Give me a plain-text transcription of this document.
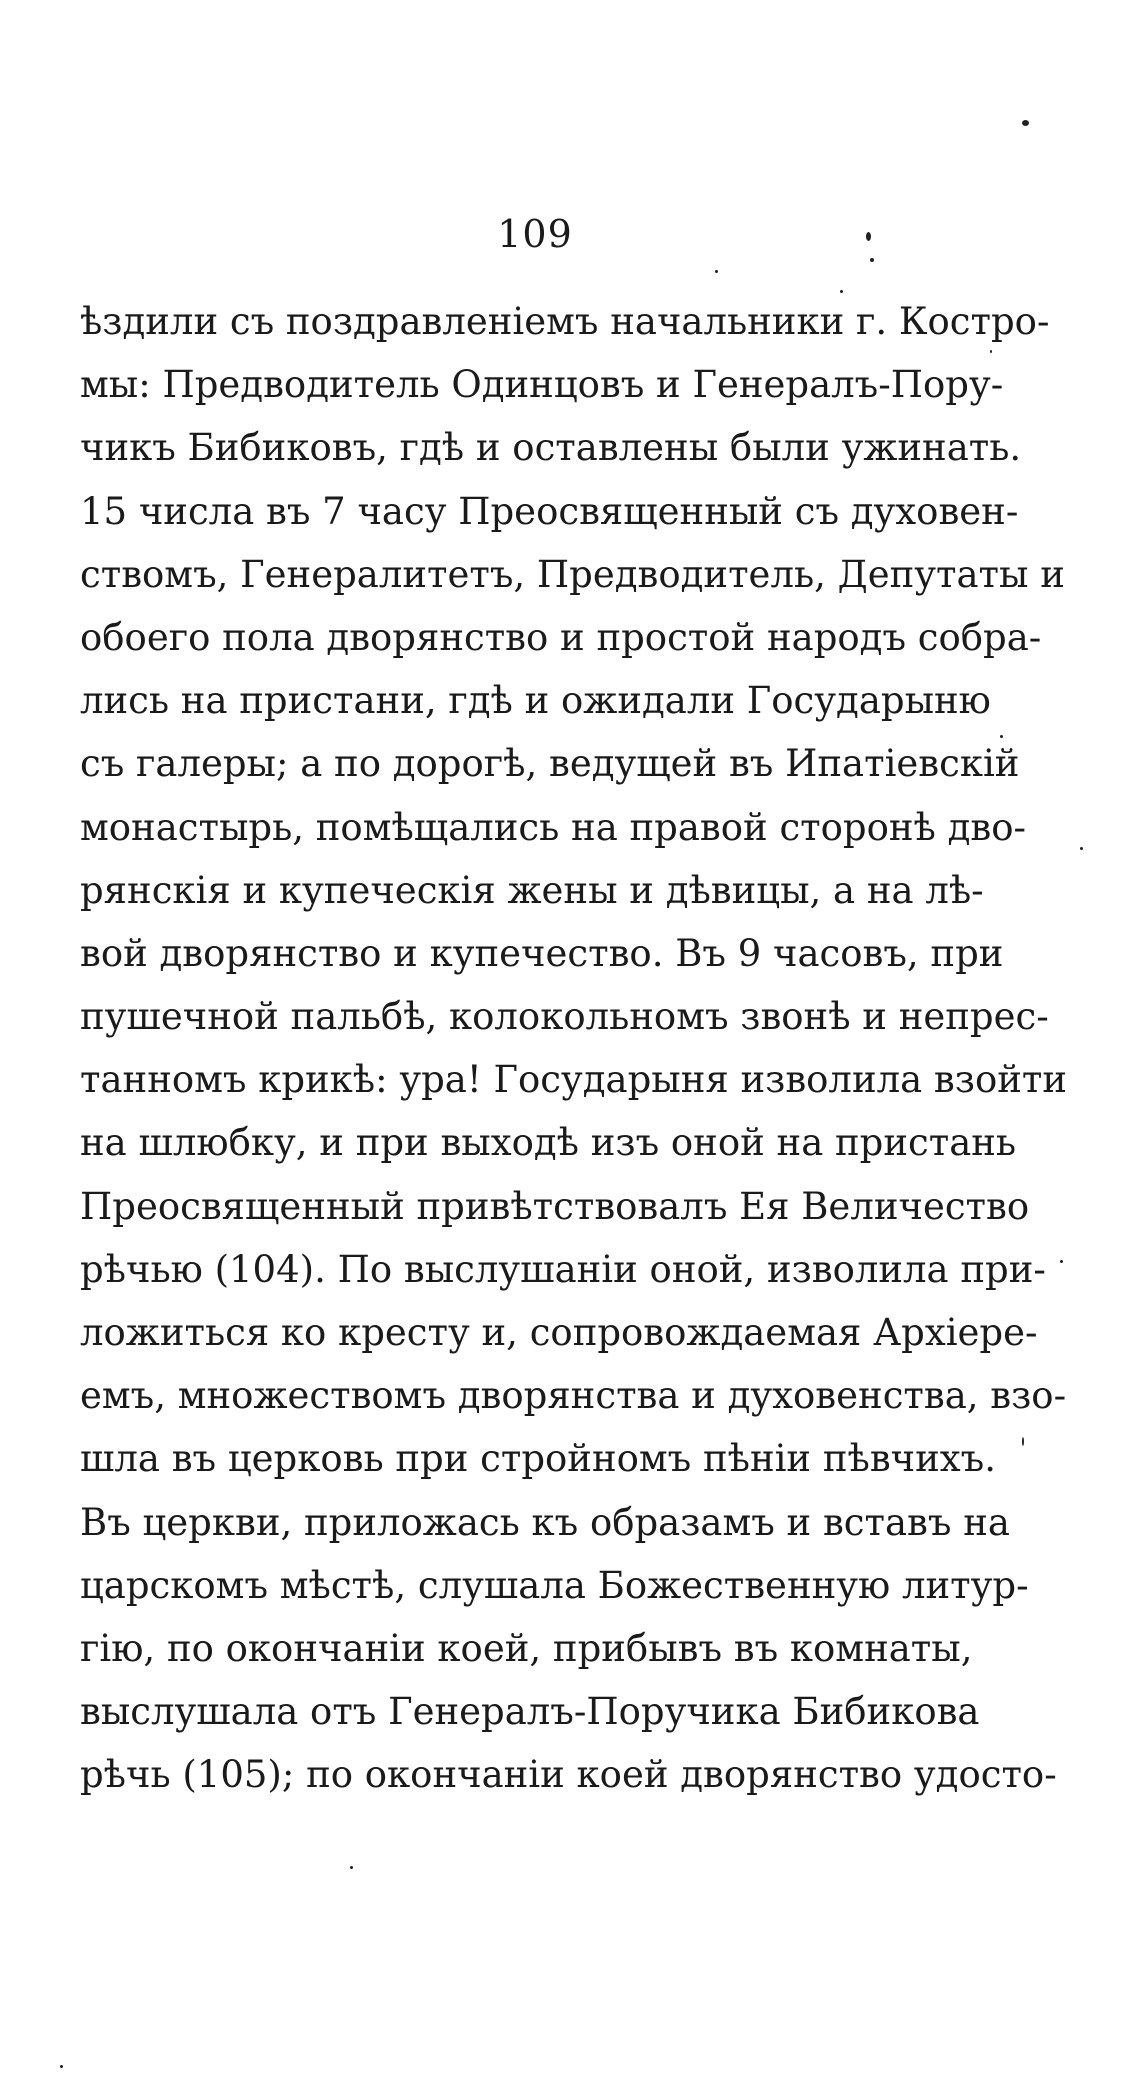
109
ѣздили съ поздравленіемъ начальники г. Костро-
мы: Предводитель Одинцовъ и Генералъ-Пору-
чикъ Бибиковъ, гдѣ и оставлены были ужинать.
15 числа въ 7 часу Преосвященный съ духовен-
ствомъ, Генералитетъ, Предводитель, Депутаты и
обоего пола дворянство и простой народъ собра-
лись на пристани, гдѣ и ожидали Государыню
съ галеры; а по дорогѣ, ведущей въ Ипатіевскій
монастырь, помѣщались на правой сторонѣ дво-
рянскія и купеческія жены и дѣвицы, а на лѣ-
вой дворянство и купечество. Въ 9 часовъ, при
пушечной пальбѣ, колокольномъ звонѣ и непрес-
танномъ крикѣ: ура! Государыня изволила взойти
на шлюбку, и при выходѣ изъ оной на пристань
Преосвященный привѣтствовалъ Ея Величество
рѣчью (104). По выслушаніи оной, изволила при-
ложиться ко кресту и, сопровождаемая Архіере-
емъ, множествомъ дворянства и духовенства, взо-
шла въ церковь при стройномъ пѣніи пѣвчихъ.
Въ церкви, приложась къ образамъ и вставъ на
царскомъ мѣстѣ, слушала Божественную литур-
гію, по окончаніи коей, прибывъ въ комнаты,
выслушала отъ Генералъ-Поручика Бибикова
рѣчь (105); по окончаніи коей дворянство удосто-
